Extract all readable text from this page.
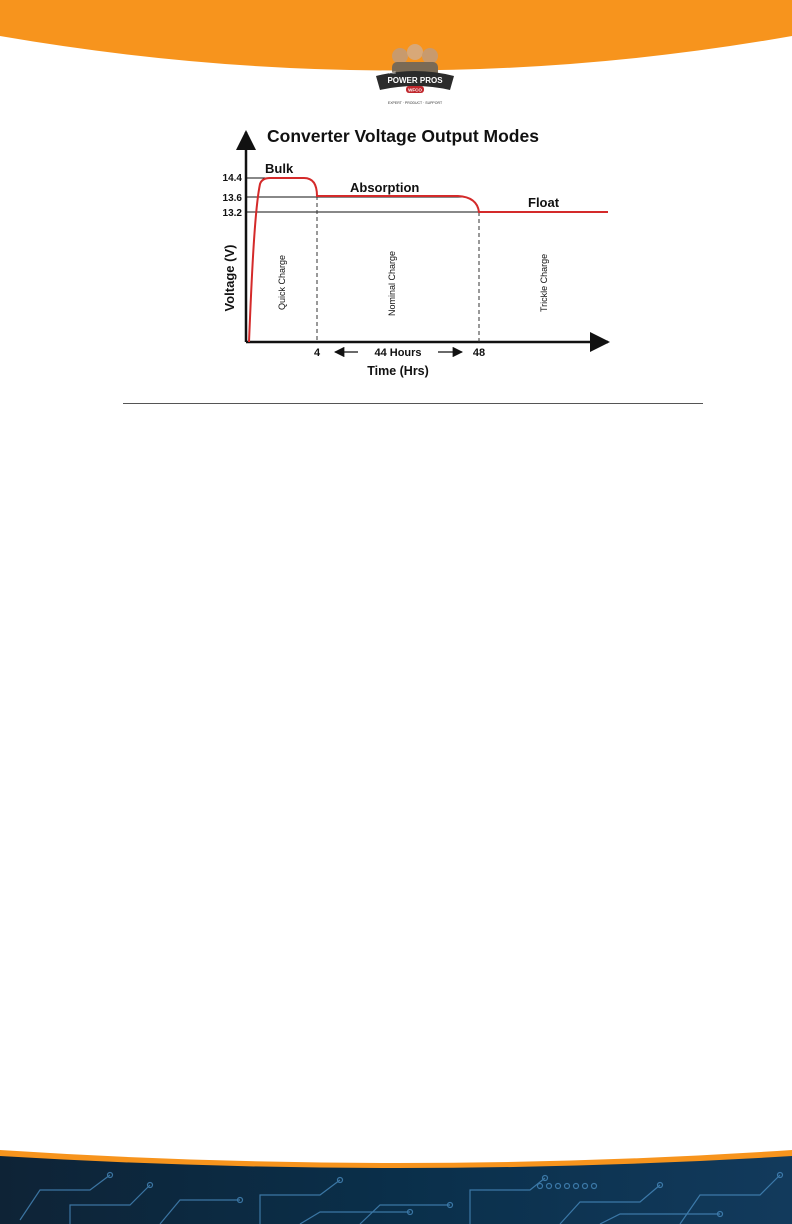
THE
POWER PROS
WFCO
EXPERT · PRODUCT · SUPPORT
Converter Voltage Output Modes
14.4
13.6
13.2
Bulk
Absorption
Float
Quick Charge	Nominal Charge	Trickle Charge
4	48
44 Hours
Time (Hrs)
Voltage (V)
